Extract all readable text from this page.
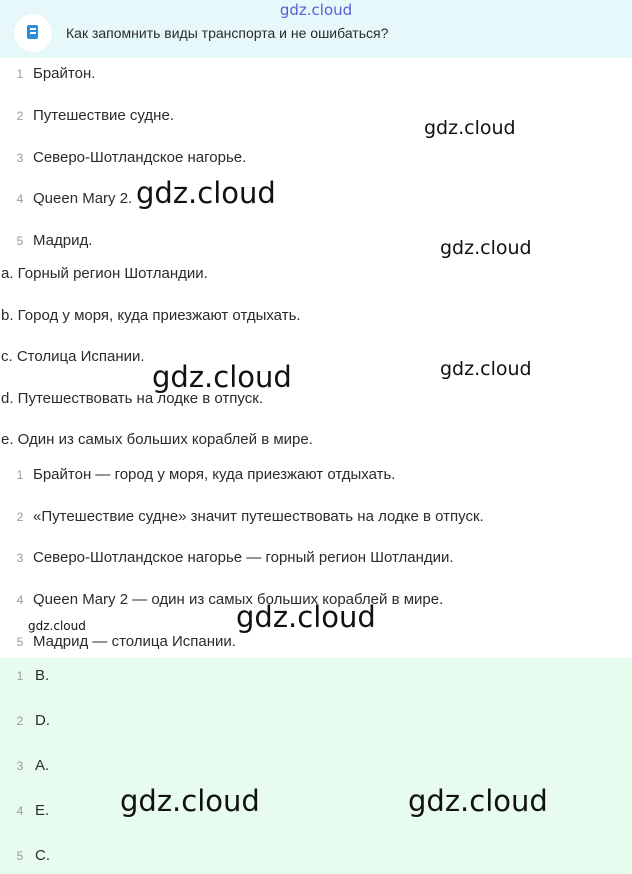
Как запомнить виды транспорта и не ошибаться?
gdz.cloud
1 Брайтон.
2 Путешествие судне.
3 Северо-Шотландское нагорье.
4 Queen Mary 2.
5 Мадрид.
a. Горный регион Шотландии.
b. Город у моря, куда приезжают отдыхать.
c. Столица Испании.
d. Путешествовать на лодке в отпуск.
e. Один из самых больших кораблей в мире.
1 Брайтон — город у моря, куда приезжают отдыхать.
2 «Путешествие судне» значит путешествовать на лодке в отпуск.
3 Северо-Шотландское нагорье — горный регион Шотландии.
4 Queen Mary 2 — один из самых больших кораблей в мире.
5 Мадрид — столица Испании.
1 B.
2 D.
3 A.
4 E.
5 C.
gdz.cloud
gdz.cloud
gdz.cloud
gdz.cloud	gdz.cloud
gdz.cloud
gdz.cloud
gdz.cloud	gdz.cloud
